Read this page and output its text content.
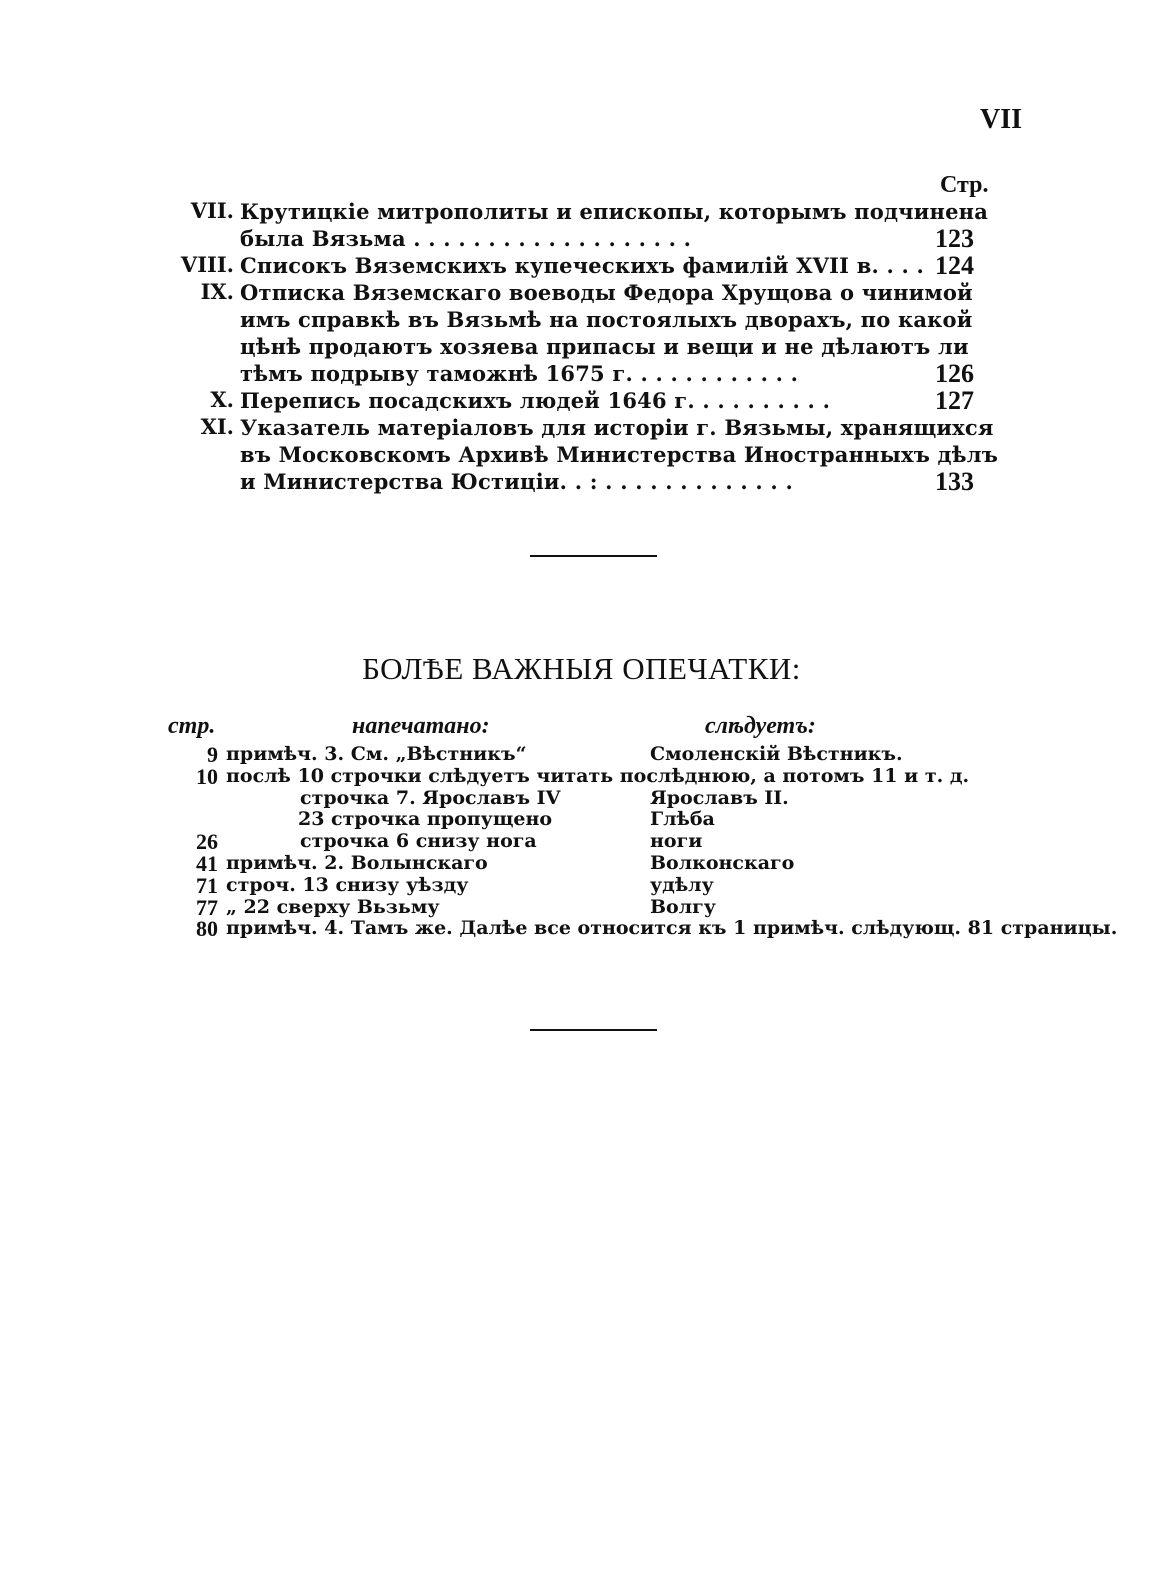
VII
Стр.
VII. Крутицкіе митрополиты и епископы, которымъ подчинена
была Вязьма . . . . . . . . . . . . . . . . . . .	123
VIII. Списокъ Вяземскихъ купеческихъ фамилій XVII в. . . . 124
IX. Отписка Вяземскаго воеводы Федора Хрущова о чинимой
имъ справкѣ въ Вязьмѣ на постоялыхъ дворахъ, по какой
цѣнѣ продаютъ хозяева припасы и вещи и не дѣлаютъ ли
тѣмъ подрыву таможнѣ 1675 г. . . . . . . . . . . .	126
X. Перепись посадскихъ людей 1646 г. . . . . . . . . .	127
XI. Указатель матеріаловъ для исторіи г. Вязьмы, хранящихся
въ Московскомъ Архивѣ Министерства Иностранныхъ дѣлъ
и Министерства Юстиціи. . : . . . . . . . . . . . . .	133
БОЛѢЕ ВАЖНЫЯ ОПЕЧАТКИ:
стр.	напечатано:	слѣдуетъ:
9 примѣч. 3. См. „Вѣстникъ“	Смоленскій Вѣстникъ.
10 послѣ 10 строчки слѣдуетъ читать послѣднюю, а потомъ 11 и т. д.
строчка 7. Ярославъ IV	Ярославъ II.
23 строчка пропущено	Глѣба
26	строчка 6 снизу нога	ноги
41 примѣч. 2. Волынскаго	Волконскаго
71 строч. 13 снизу уѣзду	удѣлу
77 „ 22 сверху Вьзьму	Волгу
80 примѣч. 4. Тамъ же. Далѣе все относится къ 1 примѣч. слѣдующ. 81 страницы.
